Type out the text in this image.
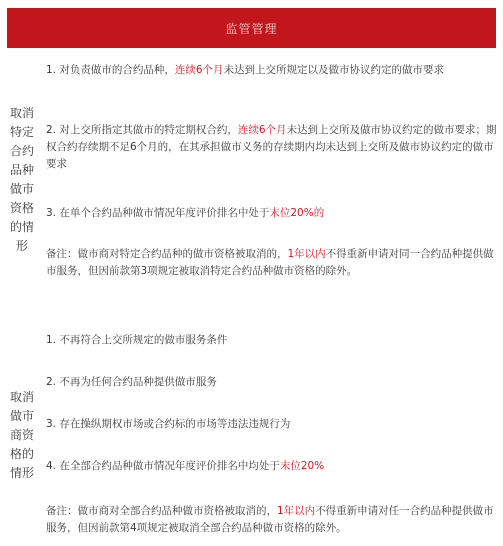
监管管理
取消特定合约品种做市资格的情形
1. 对负责做市的合约品种，连续6个月未达到上交所规定以及做市协议约定的做市要求
2. 对上交所指定其做市的特定期权合约，连续6个月未达到上交所及做市协议约定的做市要求；期权合约存续期不足6个月的，在其承担做市义务的存续期内均未达到上交所及做市协议约定的做市要求
3. 在单个合约品种做市情况年度评价排名中处于末位20%的
备注：做市商对特定合约品种的做市资格被取消的，1年以内不得重新申请对同一合约品种提供做市服务，但因前款第3项规定被取消特定合约品种做市资格的除外。
取消做市商资格的情形
1. 不再符合上交所规定的做市服务条件
2. 不再为任何合约品种提供做市服务
3. 存在操纵期权市场或合约标的市场等违法违规行为
4. 在全部合约品种做市情况年度评价排名中均处于末位20%
备注：做市商对全部合约品种做市资格被取消的，1年以内不得重新申请对任一合约品种提供做市服务，但因前款第4项规定被取消全部合约品种做市资格的除外。
